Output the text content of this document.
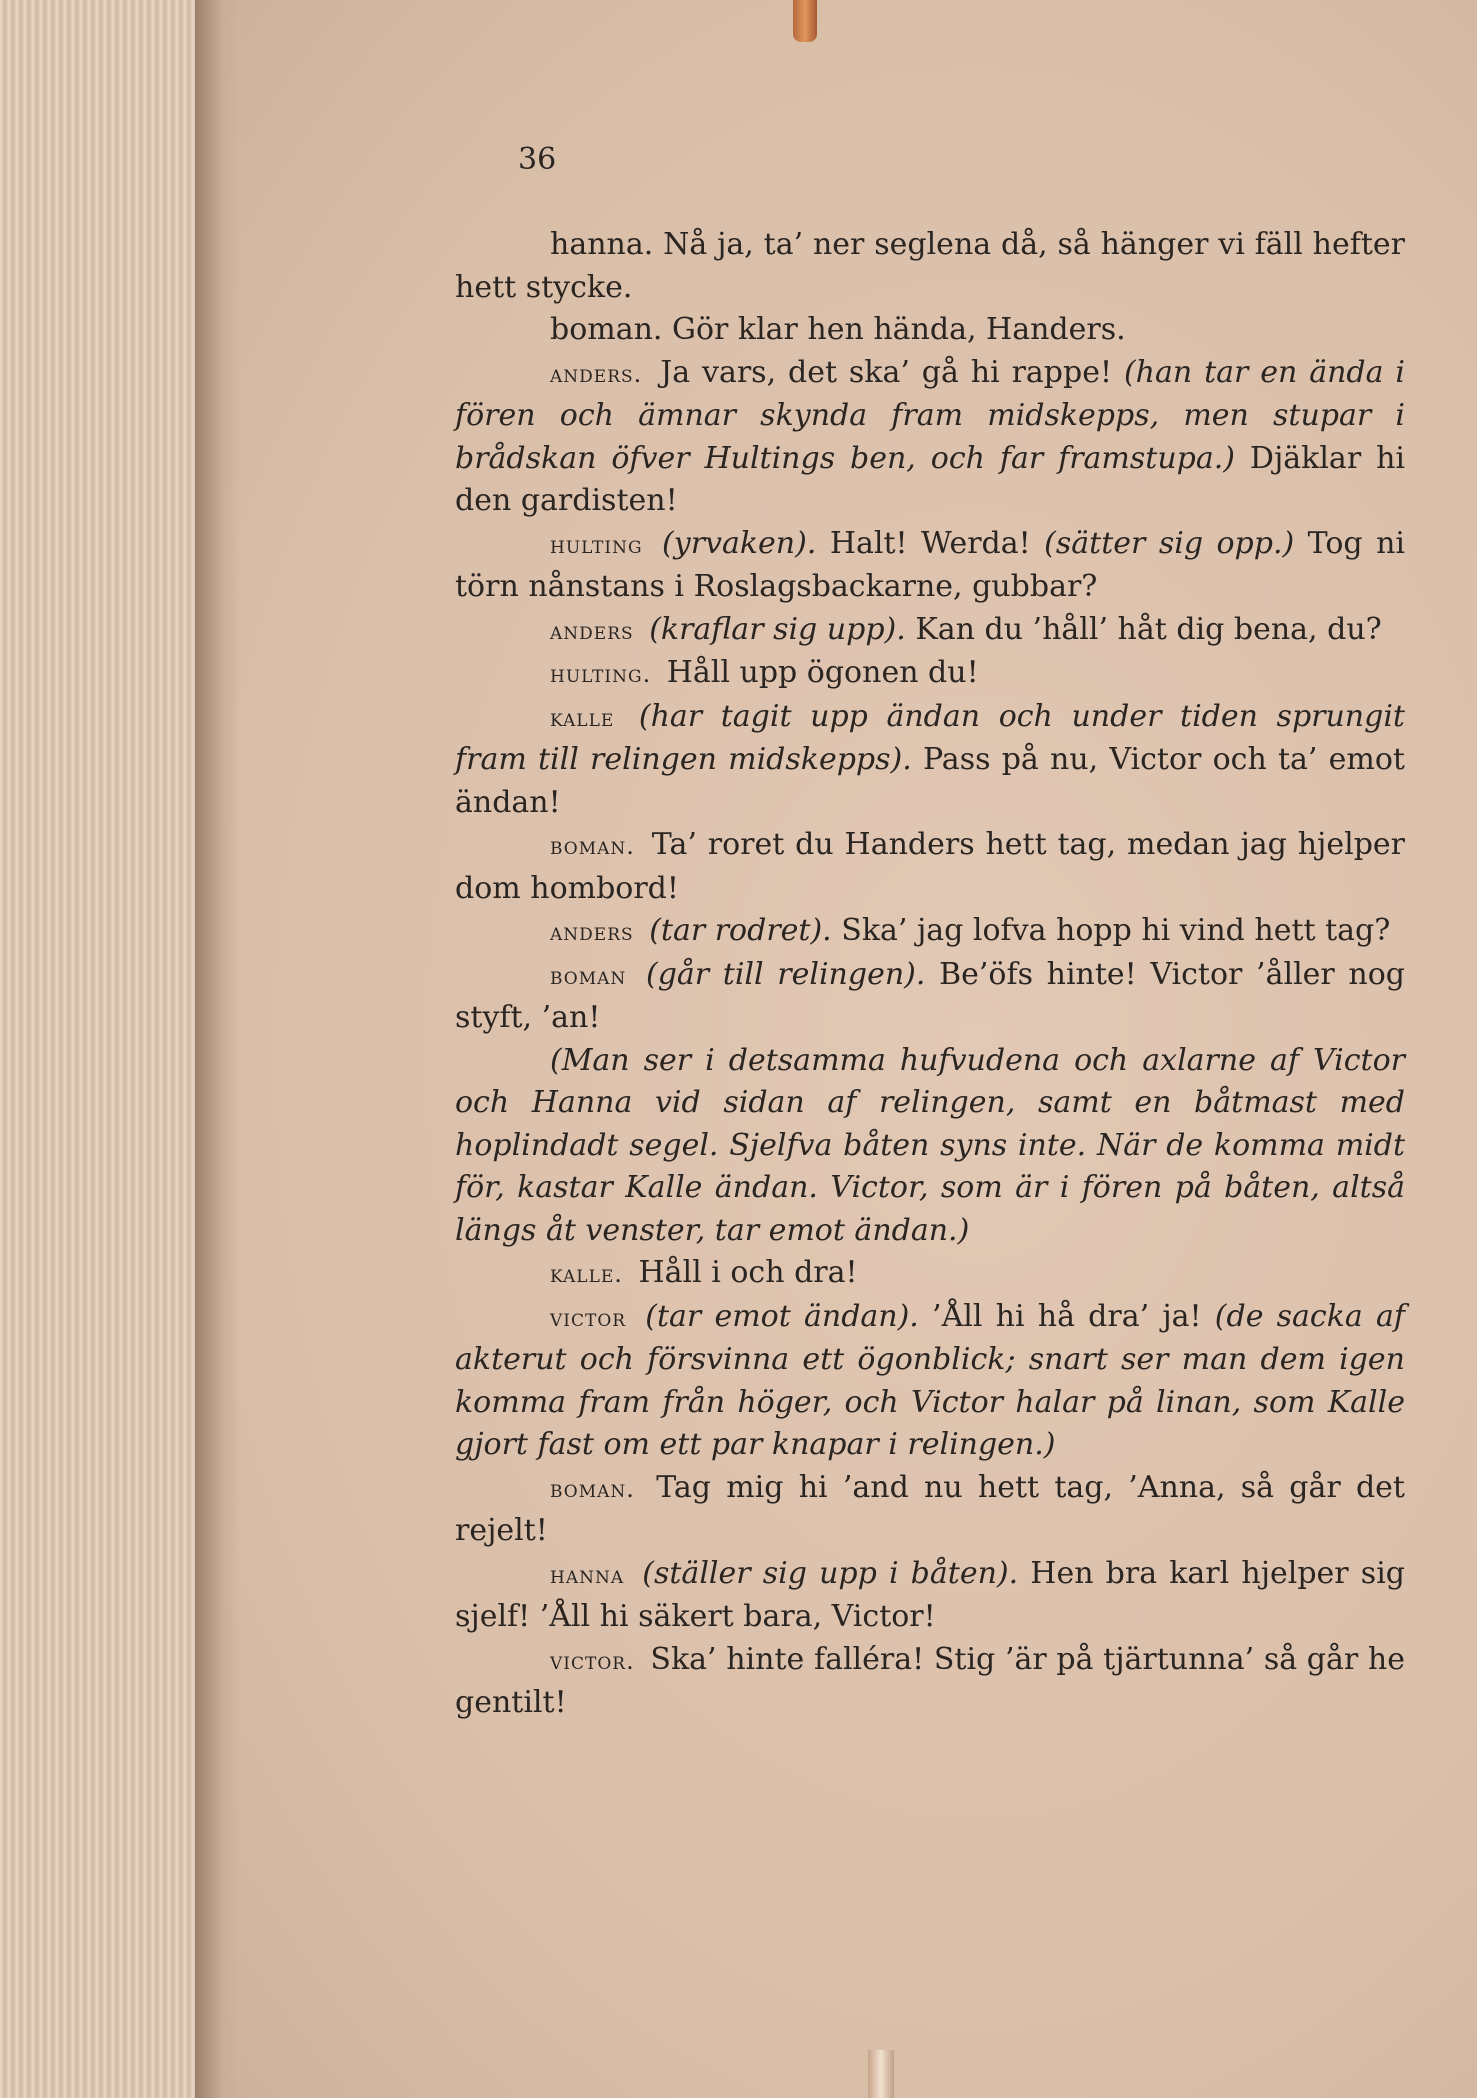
36

hanna. Nå ja, ta’ ner seglena då, så hänger vi fäll hefter hett stycke.

boman. Gör klar hen hända, Handers.

anders. Ja vars, det ska’ gå hi rappe! (han tar en ända i fören och ämnar skynda fram midskepps, men stupar i brådskan öfver Hultings ben, och far framstupa.) Djäklar hi den gardisten!

hulting (yrvaken). Halt! Werda! (sätter sig opp.) Tog ni törn nånstans i Roslagsbackarne, gubbar?

anders (kraflar sig upp). Kan du ’håll’ håt dig bena, du?

hulting. Håll upp ögonen du!

kalle (har tagit upp ändan och under tiden sprungit fram till relingen midskepps). Pass på nu, Victor och ta’ emot ändan!

boman. Ta’ roret du Handers hett tag, medan jag hjelper dom hombord!

anders (tar rodret). Ska’ jag lofva hopp hi vind hett tag?

boman (går till relingen). Be’öfs hinte! Victor ’åller nog styft, ’an!

(Man ser i detsamma hufvudena och axlarne af Victor och Hanna vid sidan af relingen, samt en båtmast med hoplindadt segel. Sjelfva båten syns inte. När de komma midt för, kastar Kalle ändan. Victor, som är i fören på båten, altså längs åt venster, tar emot ändan.)

kalle. Håll i och dra!

victor (tar emot ändan). ’Åll hi hå dra’ ja! (de sacka af akterut och försvinna ett ögonblick; snart ser man dem igen komma fram från höger, och Victor halar på linan, som Kalle gjort fast om ett par knapar i relingen.)

boman. Tag mig hi ’and nu hett tag, ’Anna, så går det rejelt!

hanna (ställer sig upp i båten). Hen bra karl hjelper sig sjelf! ’Åll hi säkert bara, Victor!

victor. Ska’ hinte falléra! Stig ’är på tjärtunna’ så går he gentilt!
